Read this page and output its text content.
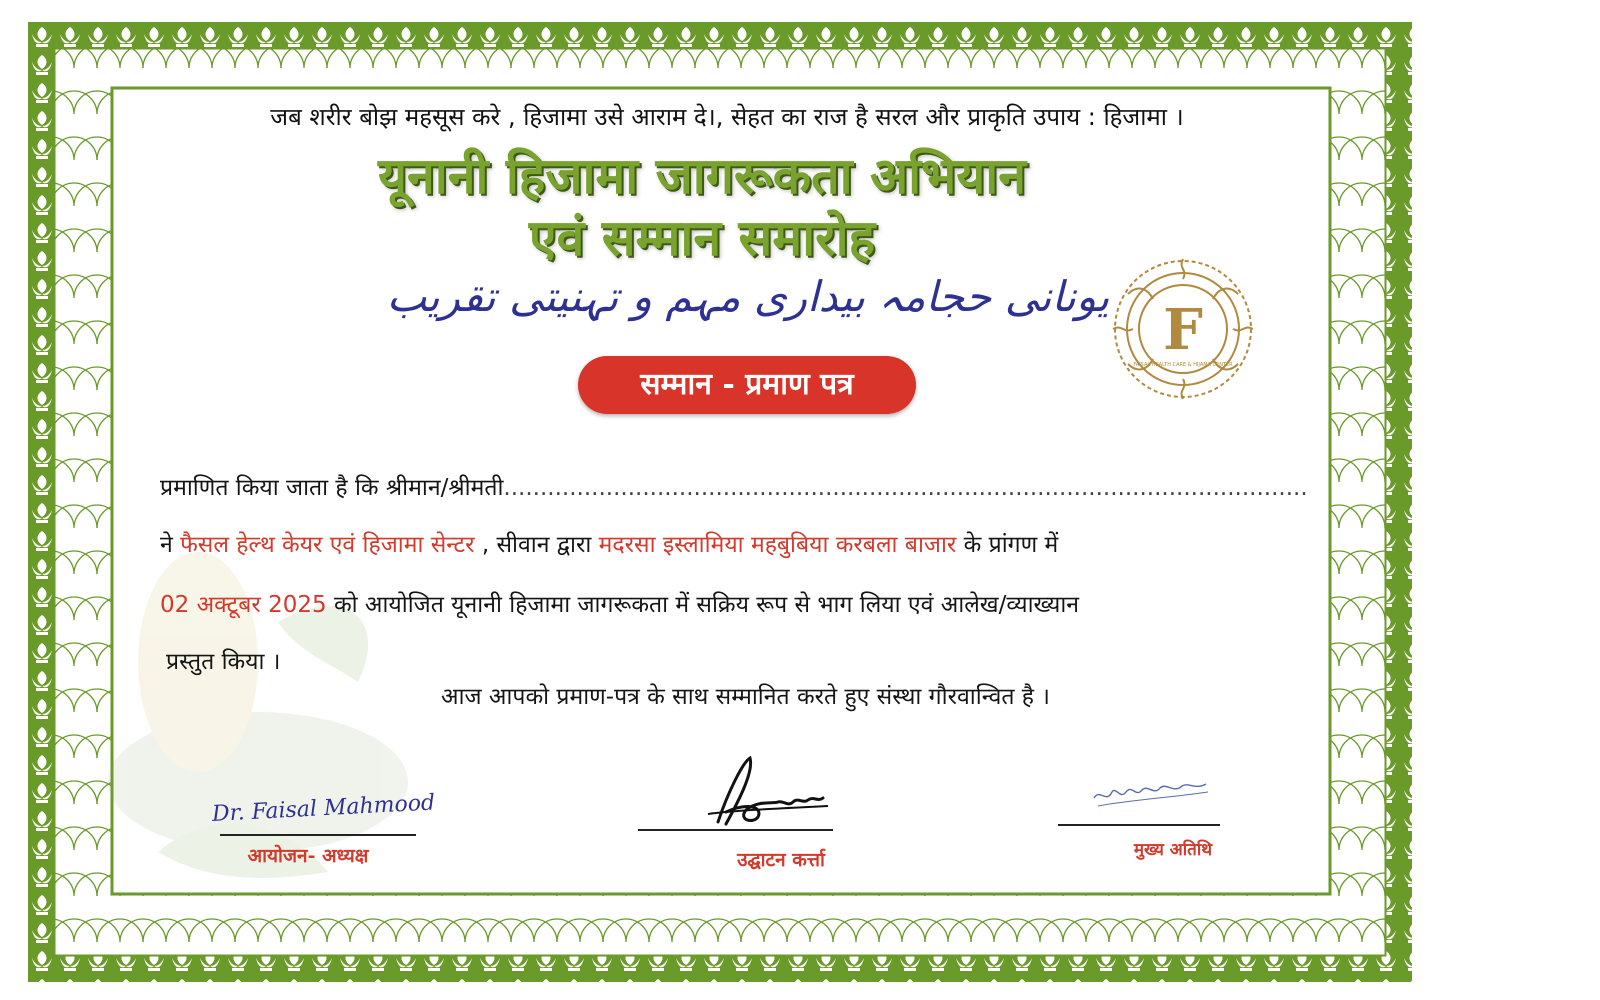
जब शरीर बोझ महसूस करे , हिजामा उसे आराम दे।, सेहत का राज है सरल और प्राकृति उपाय : हिजामा ।
यूनानी हिजामा जागरूकता अभियान
एवं सम्मान समारोह
یونانی حجامہ بیداری مہم و تہنیتی تقریب
सम्मान - प्रमाण पत्र
F
FAISAL HEALTH CARE & HIJAMA CENTER
प्रमाणित किया जाता है कि श्रीमान/श्रीमती..............................................................................................................
ने फैसल हेल्थ केयर एवं हिजामा सेन्टर , सीवान द्वारा मदरसा इस्लामिया महबुबिया करबला बाजार के प्रांगण में
02 अक्टूबर 2025 को आयोजित यूनानी हिजामा जागरूकता में सक्रिय रूप से भाग लिया एवं आलेख/व्याख्यान
प्रस्तुत किया ।
आज आपको प्रमाण-पत्र के साथ सम्मानित करते हुए संस्था गौरवान्वित है ।
Dr. Faisal Mahmood
आयोजन- अध्यक्ष	उद्घाटन कर्त्ता	मुख्य अतिथि
